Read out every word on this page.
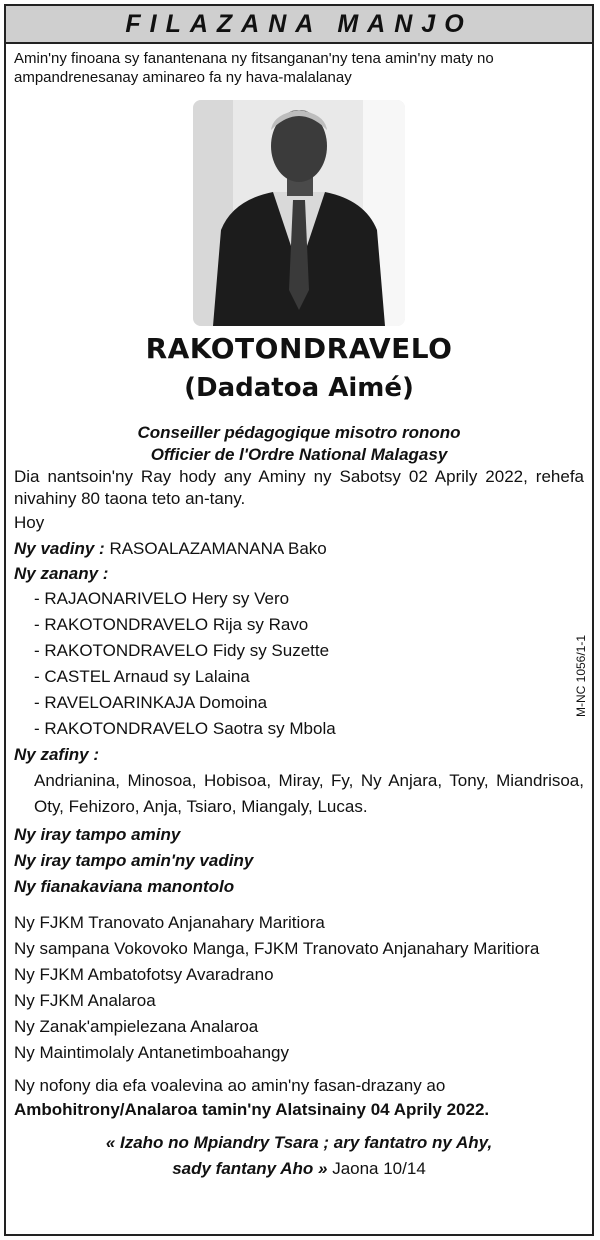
FILAZANA MANJO

Amin'ny finoana sy fanantenana ny fitsanganan'ny tena amin'ny maty no ampandrenesanay aminareo fa ny hava-malalanay

RAKOTONDRAVELO
(Dadatoa Aimé)
Conseiller pédagogique misotro ronono
Officier de l'Ordre National Malagasy

Dia nantsoin'ny Ray hody any Aminy ny Sabotsy 02 Aprily 2022, rehefa nivahiny 80 taona teto an-tany.

Hoy

Ny vadiny : RASOALAZAMANANA Bako

Ny zanany :

- RAJAONARIVELO Hery sy Vero
- RAKOTONDRAVELO Rija sy Ravo
- RAKOTONDRAVELO Fidy sy Suzette
- CASTEL Arnaud sy Lalaina
- RAVELOARINKAJA Domoina
- RAKOTONDRAVELO Saotra sy Mbola

Ny zafiny :

Andrianina, Minosoa, Hobisoa, Miray, Fy, Ny Anjara, Tony, Miandrisoa, Oty, Fehizoro, Anja, Tsiaro, Miangaly, Lucas.

Ny iray tampo aminy
Ny iray tampo amin'ny vadiny
Ny fianakaviana manontolo
Ny FJKM Tranovato Anjanahary Maritiora
Ny sampana Vokovoko Manga, FJKM Tranovato Anjanahary Maritiora
Ny FJKM Ambatofotsy Avaradrano
Ny FJKM Analaroa
Ny Zanak'ampielezana Analaroa
Ny Maintimolaly Antanetimboahangy

Ny nofony dia efa voalevina ao amin'ny fasan-drazany ao

Ambohitrony/Analaroa tamin'ny Alatsinainy 04 Aprily 2022.

« Izaho no Mpiandry Tsara ; ary fantatro ny Ahy,
sady fantany Aho » Jaona 10/14
M-NC 1056/1-1
